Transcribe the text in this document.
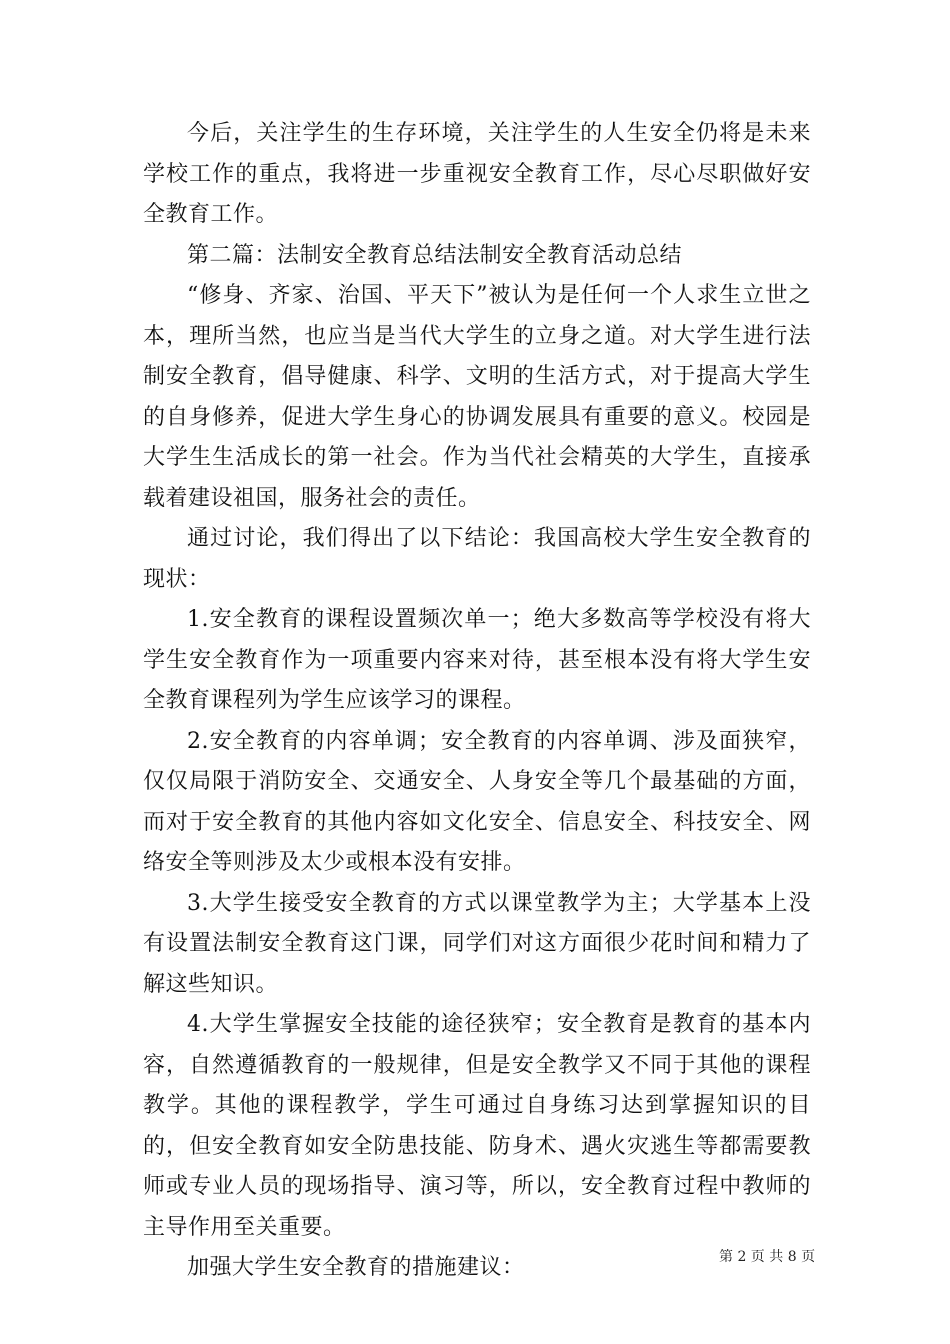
今后，关注学生的生存环境，关注学生的人生安全仍将是未来学校工作的重点，我将进一步重视安全教育工作，尽心尽职做好安全教育工作。

第二篇：法制安全教育总结法制安全教育活动总结

“修身、齐家、治国、平天下”被认为是任何一个人求生立世之本，理所当然，也应当是当代大学生的立身之道。对大学生进行法制安全教育，倡导健康、科学、文明的生活方式，对于提高大学生的自身修养，促进大学生身心的协调发展具有重要的意义。校园是大学生生活成长的第一社会。作为当代社会精英的大学生，直接承载着建设祖国，服务社会的责任。

通过讨论，我们得出了以下结论：我国高校大学生安全教育的现状：

1.安全教育的课程设置频次单一；绝大多数高等学校没有将大学生安全教育作为一项重要内容来对待，甚至根本没有将大学生安全教育课程列为学生应该学习的课程。

2.安全教育的内容单调；安全教育的内容单调、涉及面狭窄，仅仅局限于消防安全、交通安全、人身安全等几个最基础的方面，而对于安全教育的其他内容如文化安全、信息安全、科技安全、网络安全等则涉及太少或根本没有安排。

3.大学生接受安全教育的方式以课堂教学为主；大学基本上没有设置法制安全教育这门课，同学们对这方面很少花时间和精力了解这些知识。

4.大学生掌握安全技能的途径狭窄；安全教育是教育的基本内容，自然遵循教育的一般规律，但是安全教学又不同于其他的课程教学。其他的课程教学，学生可通过自身练习达到掌握知识的目的，但安全教育如安全防患技能、防身术、遇火灾逃生等都需要教师或专业人员的现场指导、演习等，所以，安全教育过程中教师的主导作用至关重要。

加强大学生安全教育的措施建议：	第 2 页 共 8 页
